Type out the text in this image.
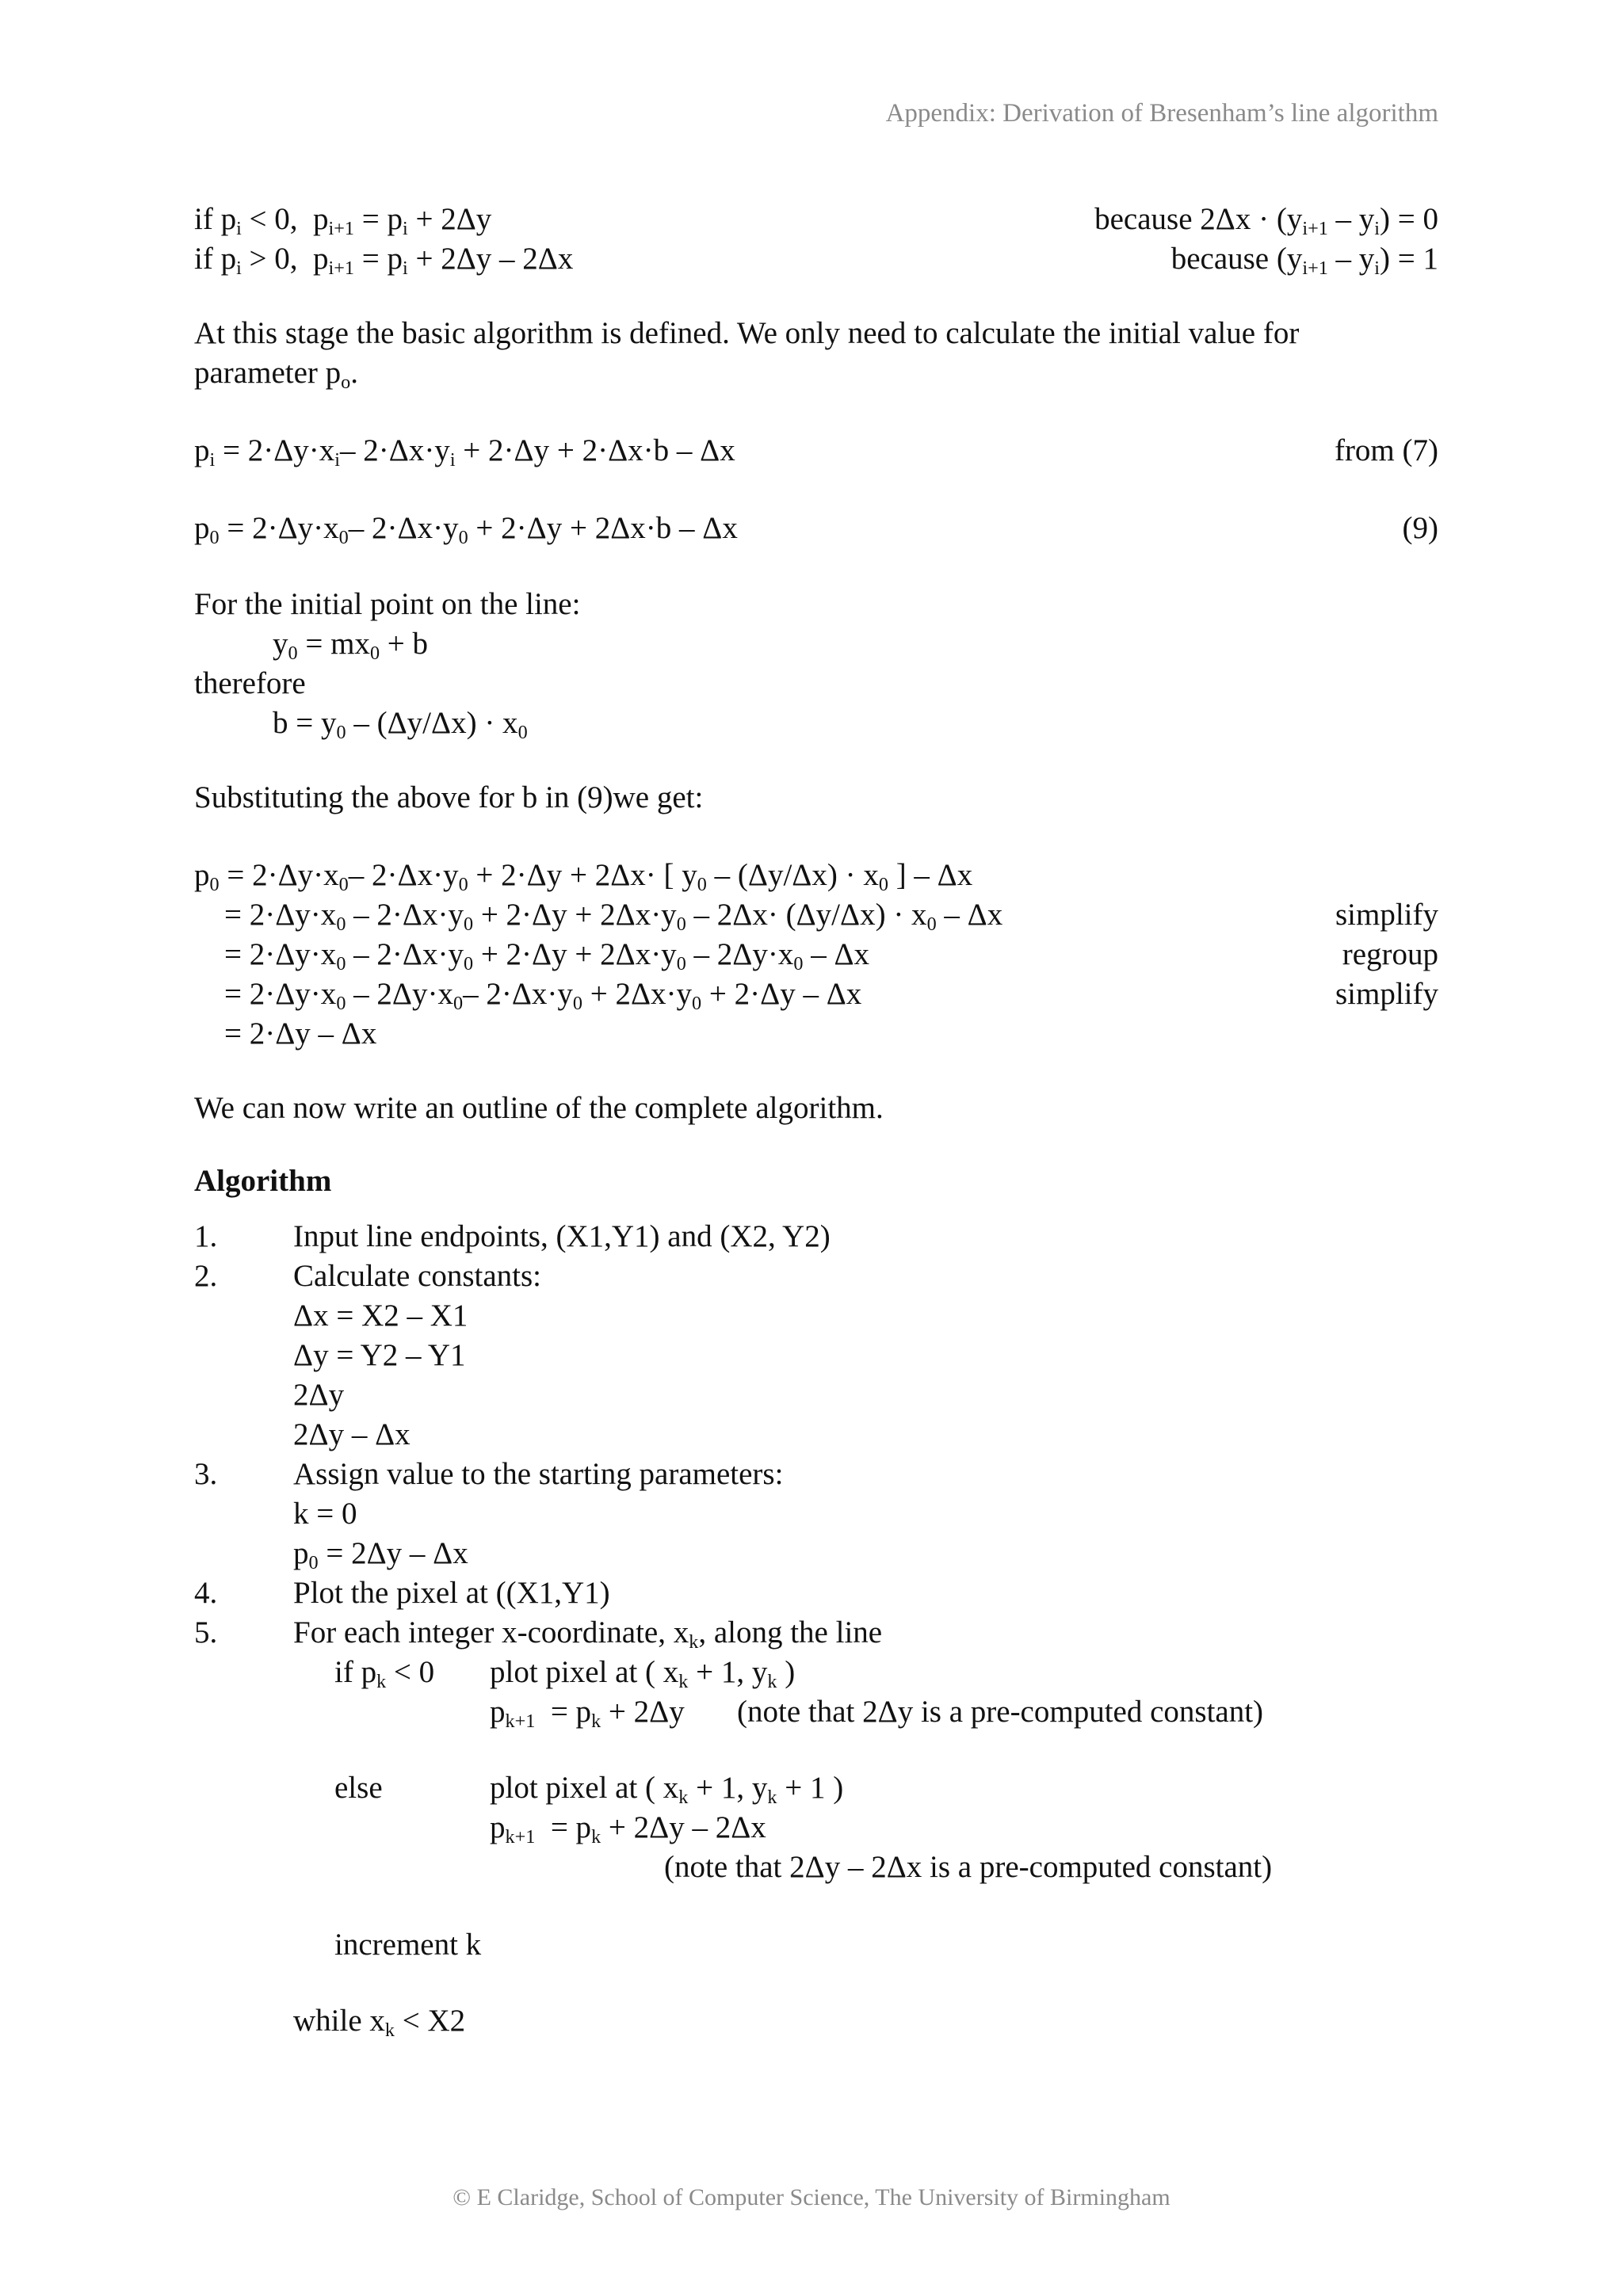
Appendix: Derivation of Bresenham’s line algorithm
if $p_i < 0$,  $p_{i+1} = p_i + 2\Delta y$	because $2\Delta x \cdot (y_{i+1} - y_i) = 0$
if $p_i > 0$,  $p_{i+1} = p_i + 2\Delta y - 2\Delta x$	because $(y_{i+1} - y_i) = 1$
At this stage the basic algorithm is defined. We only need to calculate the initial value for
parameter $p_o$.
$p_i = 2\cdot\Delta y\cdot x_i-$ $2\cdot\Delta x\cdot y_i + 2\cdot\Delta y + 2\cdot\Delta x\cdot b - \Delta x$	from (7)
$p_0 = 2\cdot\Delta y\cdot x_0-$ $2\cdot\Delta x\cdot y_0 + 2\cdot\Delta y + 2\Delta x\cdot b - \Delta x$	(9)
For the initial point on the line:
$y_0 = mx_0 + b$
therefore
$b = y_0 - (\Delta y/\Delta x) \cdot x_0$
Substituting the above for b in (9)we get:
$p_0 = 2\cdot\Delta y\cdot x_0-$ $2\cdot\Delta x\cdot y_0 + 2\cdot\Delta y + 2\Delta x\cdot$ [ $y_0 - (\Delta y/\Delta x) \cdot x_0$ ] – Δx
= $2\cdot\Delta y\cdot x_0 - 2\cdot\Delta x\cdot y_0 + 2\cdot\Delta y + 2\Delta x\cdot y_0 - 2\Delta x\cdot (\Delta y/\Delta x) \cdot x_0 - \Delta x$	simplify
= $2\cdot\Delta y\cdot x_0 - 2\cdot\Delta x\cdot y_0 + 2\cdot\Delta y + 2\Delta x\cdot y_0 - 2\Delta y\cdot x_0 - \Delta x$	regroup
= $2\cdot\Delta y\cdot x_0 - 2\Delta y\cdot x_0-$ $2\cdot\Delta x\cdot y_0 + 2\Delta x\cdot y_0 + 2\cdot\Delta y - \Delta x$	simplify
= 2·Δy – Δx
We can now write an outline of the complete algorithm.
Algorithm
1. Input line endpoints, (X1,Y1) and (X2, Y2)
2. Calculate constants:
Δx = X2 – X1
Δy = Y2 – Y1
2Δy
2Δy – Δx
3. Assign value to the starting parameters:
k = 0
$p_0 = 2\Delta y - \Delta x$
4. Plot the pixel at ((X1,Y1)
5. For each integer x-coordinate, $x_k$, along the line
if $p_k < 0$ plot pixel at ( $x_k + 1$, $y_k$ )
$p_{k+1} = p_k + 2\Delta y$ (note that 2Δy is a pre-computed constant)
else	plot pixel at ( $x_k + 1$, $y_k + 1$ )
$p_{k+1} = p_k + 2\Delta y - 2\Delta x$
(note that 2Δy – 2Δx is a pre-computed constant)
increment k
while $x_k < X2$
© E Claridge, School of Computer Science, The University of Birmingham
